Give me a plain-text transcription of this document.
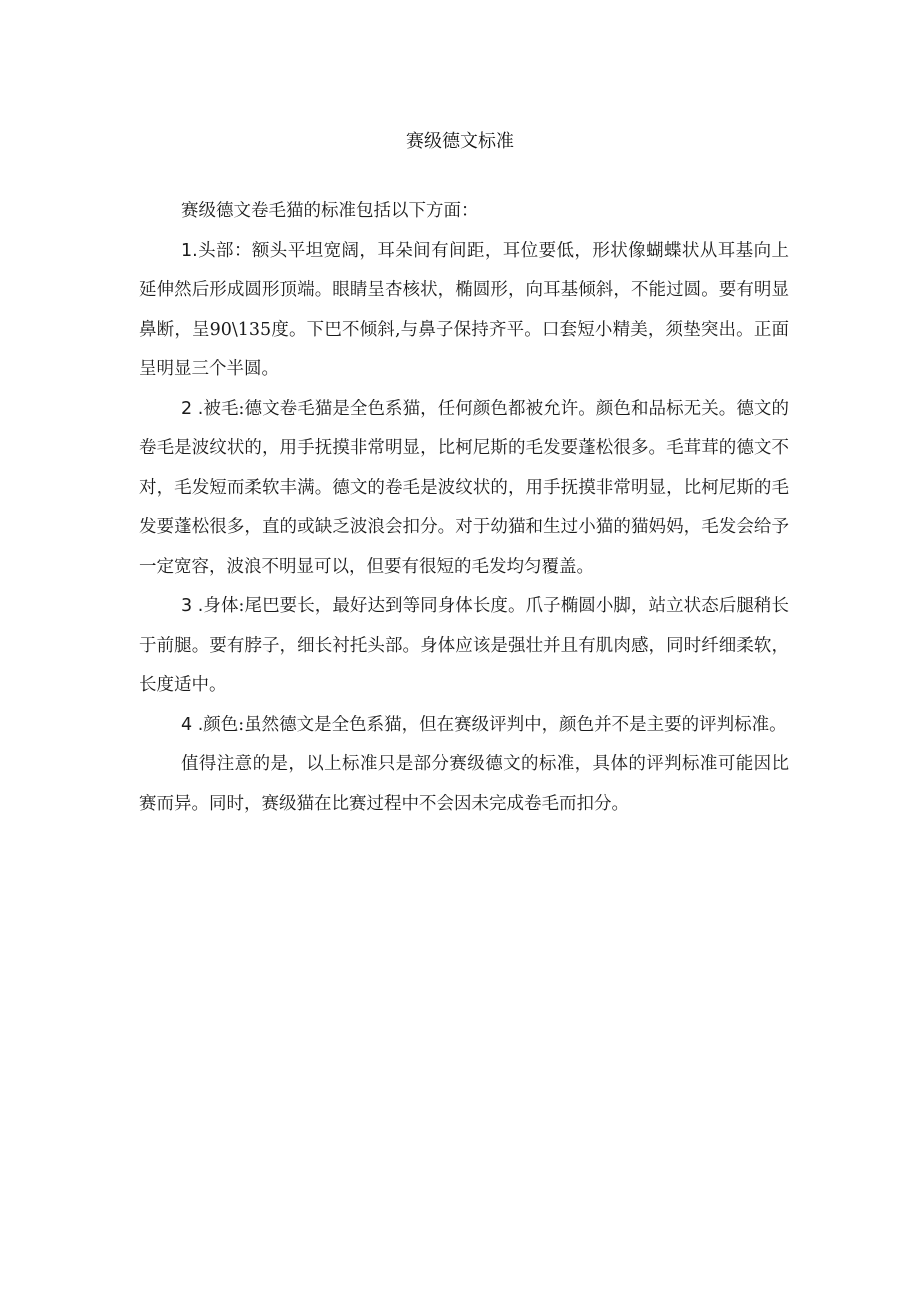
赛级德文标准

赛级德文卷毛猫的标准包括以下方面：

1.头部：额头平坦宽阔，耳朵间有间距，耳位要低，形状像蝴蝶状从耳基向上延伸然后形成圆形顶端。眼睛呈杏核状，椭圆形，向耳基倾斜，不能过圆。要有明显鼻断，呈90\135度。下巴不倾斜,与鼻子保持齐平。口套短小精美，须垫突出。正面呈明显三个半圆。

2 .被毛:德文卷毛猫是全色系猫，任何颜色都被允许。颜色和品标无关。德文的卷毛是波纹状的，用手抚摸非常明显，比柯尼斯的毛发要蓬松很多。毛茸茸的德文不对，毛发短而柔软丰满。德文的卷毛是波纹状的，用手抚摸非常明显，比柯尼斯的毛发要蓬松很多，直的或缺乏波浪会扣分。对于幼猫和生过小猫的猫妈妈，毛发会给予一定宽容，波浪不明显可以，但要有很短的毛发均匀覆盖。

3 .身体:尾巴要长，最好达到等同身体长度。爪子椭圆小脚，站立状态后腿稍长于前腿。要有脖子，细长衬托头部。身体应该是强壮并且有肌肉感，同时纤细柔软，长度适中。

4 .颜色:虽然德文是全色系猫，但在赛级评判中，颜色并不是主要的评判标准。

值得注意的是，以上标准只是部分赛级德文的标准，具体的评判标准可能因比赛而异。同时，赛级猫在比赛过程中不会因未完成卷毛而扣分。
